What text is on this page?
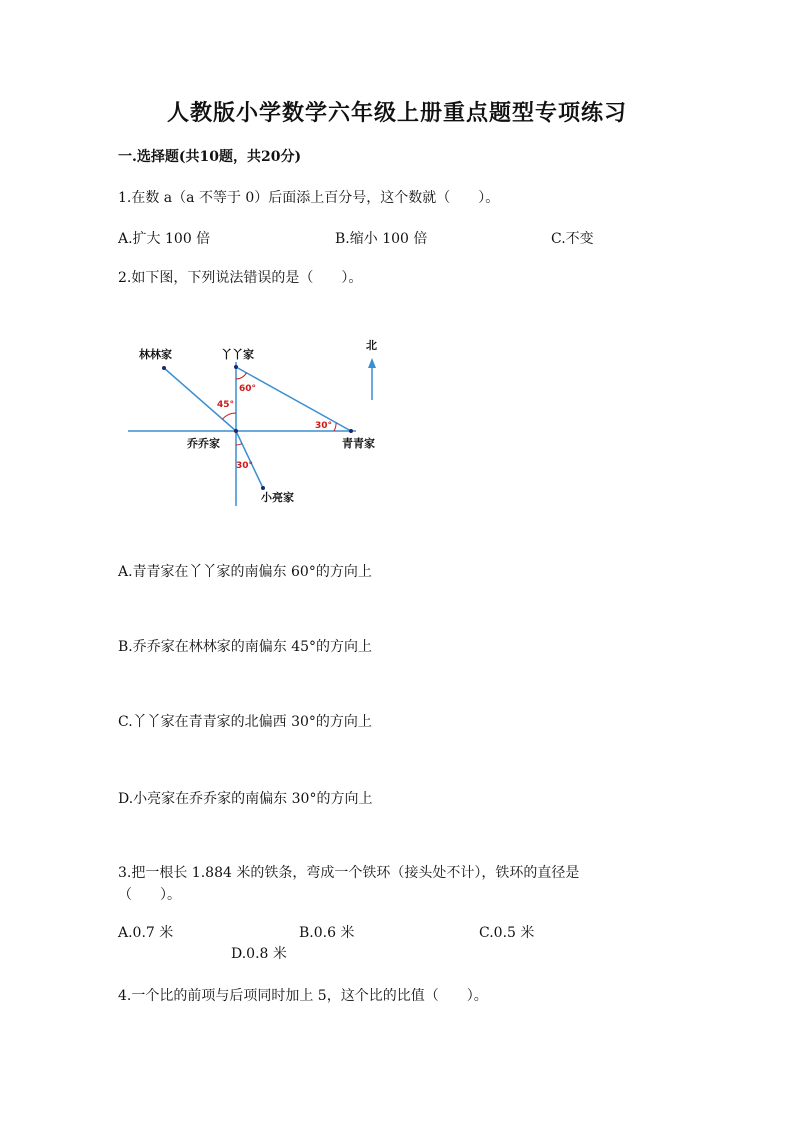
人教版小学数学六年级上册重点题型专项练习
一.选择题(共10题，共20分)
1.在数 a（a 不等于 0）后面添上百分号，这个数就（　　）。
A.扩大 100 倍	B.缩小 100 倍	C.不变
2.如下图，下列说法错误的是（　　）。
北
林林家	丫丫家
乔乔家	青青家
小亮家
45°
60°
30°
30°
A.青青家在丫丫家的南偏东 60°的方向上
B.乔乔家在林林家的南偏东 45°的方向上
C.丫丫家在青青家的北偏西 30°的方向上
D.小亮家在乔乔家的南偏东 30°的方向上
3.把一根长 1.884 米的铁条，弯成一个铁环（接头处不计），铁环的直径是
（　　）。
A.0.7 米	B.0.6 米	C.0.5 米
D.0.8 米
4.一个比的前项与后项同时加上 5，这个比的比值（　　）。
